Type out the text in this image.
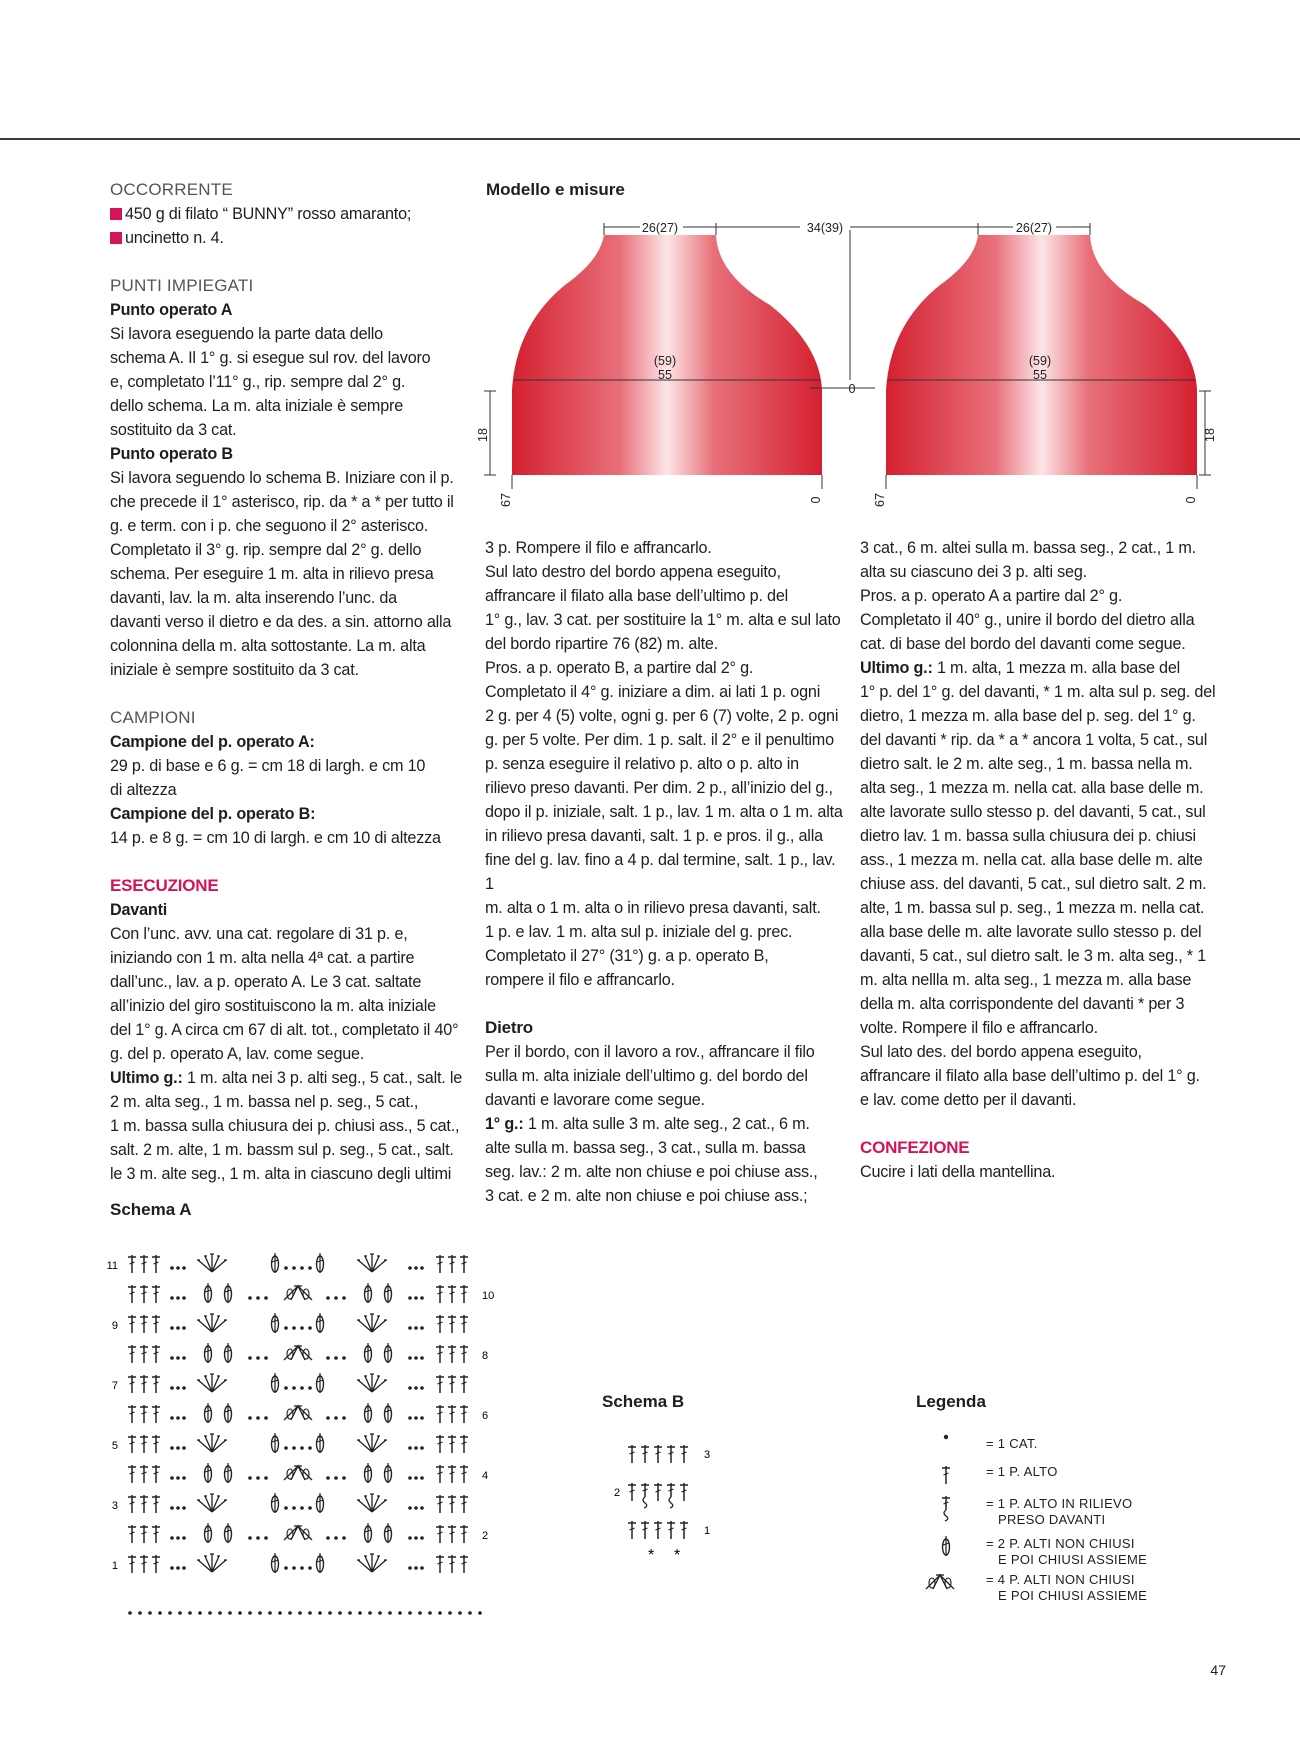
OCCORRENTE

450 g di filato “ BUNNY” rosso amaranto;

uncinetto n. 4.

PUNTI IMPIEGATI

Punto operato A

Si lavora eseguendo la parte data dello

schema A. Il 1° g. si esegue sul rov. del lavoro

e, completato l’11° g., rip. sempre dal 2° g.

dello schema. La m. alta iniziale è sempre

sostituito da 3 cat.

Punto operato B

Si lavora seguendo lo schema B. Iniziare con il p.

che precede il 1° asterisco, rip. da * a * per tutto il

g. e term. con i p. che seguono il 2° asterisco.

Completato il 3° g. rip. sempre dal 2° g. dello

schema. Per eseguire 1 m. alta in rilievo presa

davanti, lav. la m. alta inserendo l’unc. da

davanti verso il dietro e da des. a sin. attorno alla

colonnina della m. alta sottostante. La m. alta

iniziale è sempre sostituito da 3 cat.

CAMPIONI

Campione del p. operato A:

29 p. di base e 6 g. = cm 18 di largh. e cm 10

di altezza

Campione del p. operato B:

14 p. e 8 g. = cm 10 di largh. e cm 10 di altezza

ESECUZIONE

Davanti

Con l’unc. avv. una cat. regolare di 31 p. e,

iniziando con 1 m. alta nella 4ª cat. a partire

dall’unc., lav. a p. operato A. Le 3 cat. saltate

all’inizio del giro sostituiscono la m. alta iniziale

del 1° g. A circa cm 67 di alt. tot., completato il 40°

g. del p. operato A, lav. come segue.

Ultimo g.: 1 m. alta nei 3 p. alti seg., 5 cat., salt. le

2 m. alta seg., 1 m. bassa nel p. seg., 5 cat.,

1 m. bassa sulla chiusura dei p. chiusi ass., 5 cat.,

salt. 2 m. alte, 1 m. bassm sul p. seg., 5 cat., salt.

le 3 m. alte seg., 1 m. alta in ciascuno degli ultimi

3 p. Rompere il filo e affrancarlo.

Sul lato destro del bordo appena eseguito,

affrancare il filato alla base dell’ultimo p. del

1° g., lav. 3 cat. per sostituire la 1° m. alta e sul lato

del bordo ripartire 76 (82) m. alte.

Pros. a p. operato B, a partire dal 2° g.

Completato il 4° g. iniziare a dim. ai lati 1 p. ogni

2 g. per 4 (5) volte, ogni g. per 6 (7) volte, 2 p. ogni

g. per 5 volte. Per dim. 1 p. salt. il 2° e il penultimo

p. senza eseguire il relativo p. alto o p. alto in

rilievo preso davanti. Per dim. 2 p., all’inizio del g.,

dopo il p. iniziale, salt. 1 p., lav. 1 m. alta o 1 m. alta

in rilievo presa davanti, salt. 1 p. e pros. il g., alla

fine del g. lav. fino a 4 p. dal termine, salt. 1 p., lav. 1

m. alta o 1 m. alta o in rilievo presa davanti, salt.

1 p. e lav. 1 m. alta sul p. iniziale del g. prec.

Completato il 27° (31°) g. a p. operato B,

rompere il filo e affrancarlo.

Dietro

Per il bordo, con il lavoro a rov., affrancare il filo

sulla m. alta iniziale dell’ultimo g. del bordo del

davanti e lavorare come segue.

1° g.: 1 m. alta sulle 3 m. alte seg., 2 cat., 6 m.

alte sulla m. bassa seg., 3 cat., sulla m. bassa

seg. lav.: 2 m. alte non chiuse e poi chiuse ass.,

3 cat. e 2 m. alte non chiuse e poi chiuse ass.;

3 cat., 6 m. altei sulla m. bassa seg., 2 cat., 1 m.

alta su ciascuno dei 3 p. alti seg.

Pros. a p. operato A a partire dal 2° g.

Completato il 40° g., unire il bordo del dietro alla

cat. di base del bordo del davanti come segue.

Ultimo g.: 1 m. alta, 1 mezza m. alla base del

1° p. del 1° g. del davanti, * 1 m. alta sul p. seg. del

dietro, 1 mezza m. alla base del p. seg. del 1° g.

del davanti * rip. da * a * ancora 1 volta, 5 cat., sul

dietro salt. le 2 m. alte seg., 1 m. bassa nella m.

alta seg., 1 mezza m. nella cat. alla base delle m.

alte lavorate sullo stesso p. del davanti, 5 cat., sul

dietro lav. 1 m. bassa sulla chiusura dei p. chiusi

ass., 1 mezza m. nella cat. alla base delle m. alte

chiuse ass. del davanti, 5 cat., sul dietro salt. 2 m.

alte, 1 m. bassa sul p. seg., 1 mezza m. nella cat.

alla base delle m. alte lavorate sullo stesso p. del

davanti, 5 cat., sul dietro salt. le 3 m. alta seg., * 1

m. alta nellla m. alta seg., 1 mezza m. alla base

della m. alta corrispondente del davanti * per 3

volte. Rompere il filo e affrancarlo.

Sul lato des. del bordo appena eseguito,

affrancare il filato alla base dell’ultimo p. del 1° g.

e lav. come detto per il davanti.

CONFEZIONE

Cucire i lati della mantellina.

Modello e misure
26(27)	26(27)
34(39)
(59)
55
(59)
55
0
18	18
67	0	67	0
Schema A
11
9
7
5
3
1
10
8
6
4
2
Schema B
* *
3
2
1
Legenda
= 1 CAT.
= 1 P. ALTO
= 1 P. ALTO IN RILIEVO
PRESO DAVANTI
= 2 P. ALTI NON CHIUSI
E POI CHIUSI ASSIEME
= 4 P. ALTI NON CHIUSI
E POI CHIUSI ASSIEME
47
